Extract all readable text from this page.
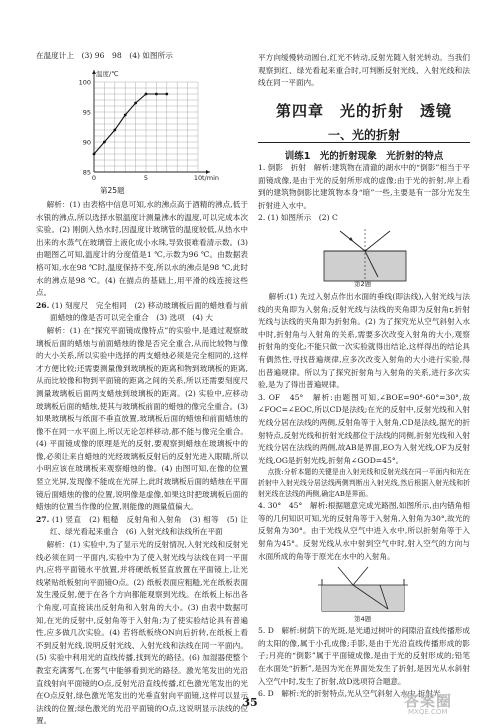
在温度计上　(3) 96　98　(4) 如图所示

85
90
95
100
0	5	10
温度/℃
t/min
第25题

解析：(1) 由表格中信息可知,水的沸点高于酒精的沸点,低于水银的沸点,所以选择水银温度计测量沸水的温度,可以完成本次实验。(2) 刚倒入热水时,因温度计玻璃管的温度较低,从热水中出来的水蒸气在玻璃管上液化成小水珠,导致很难看清示数。(3) 由题图乙可知,温度计的分度值是1 ℃,示数为96 ℃。由数据表格可知,水在98 ℃时,温度保持不变,所以水的沸点是98 ℃,此时水的沸点是98 ℃。(4) 在描点的基础上,用平滑的线连接这些点。

26. (1) 刻度尺　完全相同　(2) 移动玻璃板后面的蜡烛看与前面蜡烛的像是否可以完全重合　(3) 选项　(4) 大

解析：(1) 在“探究平面镜成像特点”的实验中,是通过观察玻璃板后面的蜡烛与前面蜡烛的像是否完全重合,从而比较物与像的大小关系,所以实验中选择的两支蜡烛必须是完全相同的,这样才方便比较;还需要测量像到玻璃板的距离和物到玻璃板的距离,从而比较像和物到平面镜的距离之间的关系,所以还需要刻度尺测量玻璃板后面两支蜡烛到玻璃板的距离。(2) 实验中,应移动玻璃板后面的蜡烛,使其与玻璃板前面的蜡烛的像完全重合。(3) 如果玻璃板与纸面不垂直放置,玻璃板后面的蜡烛和前面蜡烛的像不在同一水平面上,所以无论怎样移动,都不能与像完全重合。(4) 平面镜成像的原理是光的反射,要观察到蜡烛在玻璃板中的像,必须让来自蜡烛的光经玻璃板反射后的反射光进入眼睛,所以小明应该在玻璃板来观察蜡烛的像。(4) 由图可知,在像的位置竖立光屏,发现像不能成在光屏上,此时玻璃板后面的蜡烛在平面镜后面蜡烛的像的位置,说明像是虚像,如果这时把玻璃板后面的蜡烛的位置当作像的位置,则能像的测量值偏大。

27. (1) 竖直　(2) 粗糙　反射角和入射角　(3) 相等　(5) 让红、绿光看起来重合　(6) 入射光线和法线所在平面

解析：(1) 实验中,为了显示光的反射情况,入射光线和反射光线必须在同一平面内,实验中为了使入射光线与法线在同一平面内,应将平面镜水平放置,并将硬纸板竖直放置在平面镜上,让光线紧贴纸板射向平面镜O点。(2) 纸板表面应粗糙,光在纸板表面发生漫反射,便于在各个方向都能观察到光线。在纸板上标出各个角度,可直接读出反射角和入射角的大小。(3) 由表中数据可知,在光的反射中,反射角等于入射角;为了使实验结论具有普遍性,应多做几次实验。(4) 若将纸板绕ON向后折转,在纸板上看不到反射光线,说明反射光线、入射光线和法线在同一平面内。(5) 实验中利用光的直线传播,找到光的路径。(6) 加湿器使整个教室充满雾气,在雾气中能够看到光的路径。激光笔发出的光沿直线射向平面镜的O点,反射光沿直线传播,红色激光笔发出的光在O点反射,绿色激光笔发出的光垂直射向平面镜,这样可以显示法线的位置;绿色激光的光沿平面镜的O点,这说明显示法线的位置。

平方向缓慢转动圆台,红光不转动,反射光随入射光转动。当我们观察到红、绿光看起来重合时,可判断反射光线、入射光线和法线在同一平面内。

第四章　光的折射　透镜
一、光的折射
训练1　光的折射现象　光折射的特点

1. 倒影　折射　解析:建筑物在清澈的湖水中的“倒影”相当于平面镜成像,是由于光的反射所形成的虚像;由于光的折射,岸上看到的建筑物倒影比建筑物本身“暗”一些,主要是有一部分光发生折射进入水中。

2. (1) 如图所示　(2) C

第2题

解析:(1) 先过入射点作出水面的垂线(即法线),入射光线与法线的夹角即为入射角;反射光线与法线的夹角即为反射角r,折射光线与法线的夹角即为折射角。(2) 为了探究光从空气斜射入水中时,折射角与入射角的关系,需要多次改变入射角的大小,观察折射角的变化;不能只做一次实验就得出结论,这样得出的结论具有偶然性,寻找普遍规律,应多次改变入射角的大小进行实验,得出普遍规律。所以为了探究折射角与入射角的关系,进行多次实验,是为了得出普遍规律。

3. OF　45°　解析:由题图可知,∠BOE=90°-60°=30°,故∠FOC=∠EOC,所以CD是法线;在光的反射中,反射光线和入射光线分居在法线的两侧,反射角等于入射角,CD是法线,据光的折射特点,反射光线和折射光线都位于法线的同侧,折射光线和入射光线分居在法线的两侧,故AB是界面,EO为入射光线,OF为反射光线,OG是折射光线,折射角∠GOD=45°。

点拨:分析本题的关键是由入射光线和反射光线在同一平面内和光在折射中入射光线分居法线两侧判断出入射光线,然后根据入射光线和折射光线在法线的两侧,确定AB是界面。

4. 30°　45°　解析:根据题意完成光路图,如图所示,由内错角相等的几何知识可知,光的反射角等于入射角,入射角为30°,故光的反射角为30°。由于光线从空气中进入水中,所以折射角等于入射角为45°。反射光线从水中射到空气中时,射入空气的方向与水面所成的角等于原光在水中的入射角。

第4题

5. D　解析:树荫下的光斑,是光通过树叶的间隙沿直线传播形成的太阳的像,属于小孔成像;手影,是由于光沿直线传播形成的影子;月亮的“倒影”属于平面镜成像,是由于光的反射形成的;铅笔在水面处“折断”,是因为光在界面处发生了折射,是因光从水斜射入空气中时,发生了折射,故D选项符合题意。

6. D　解析:光的折射特点,光从空气斜射入水中,折射光

35	答案圈
MXQE.COM
